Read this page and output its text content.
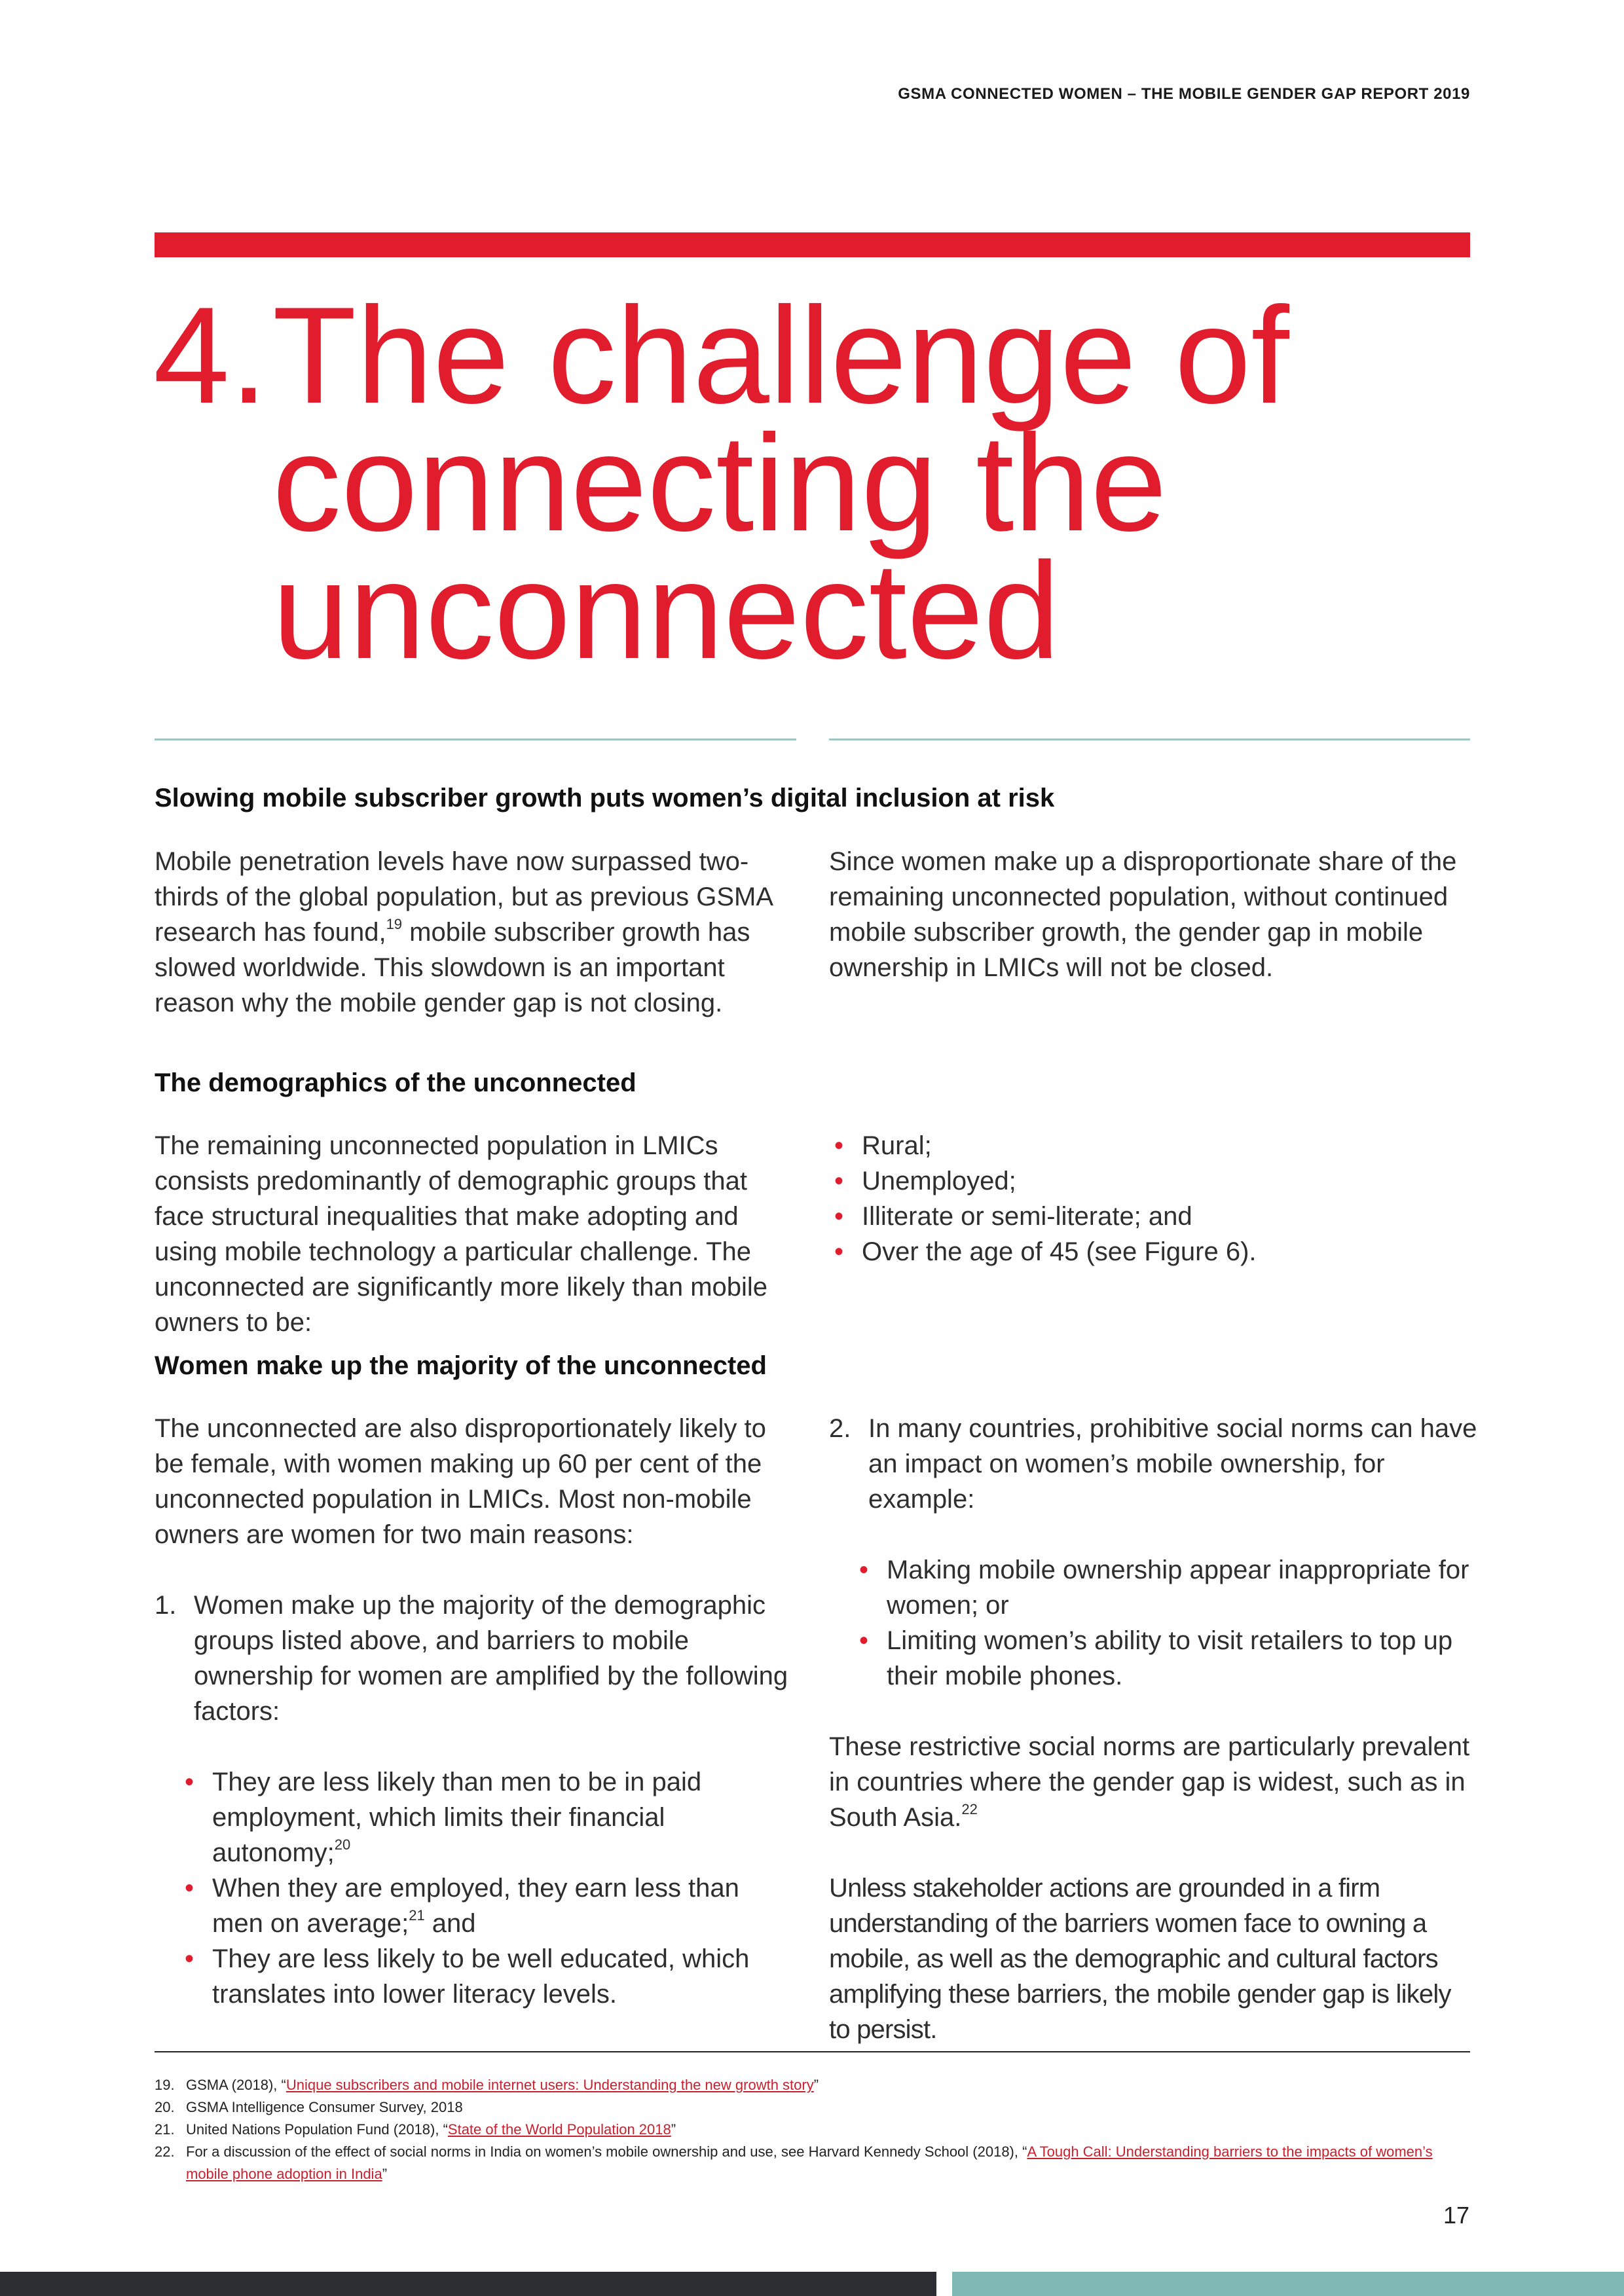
GSMA CONNECTED WOMEN – THE MOBILE GENDER GAP REPORT 2019
4. The challenge of
connecting the
unconnected
Slowing mobile subscriber growth puts women’s digital inclusion at risk

Mobile penetration levels have now surpassed two-thirds of the global population, but as previous GSMA research has found,$^{19}$ mobile subscriber growth has slowed worldwide. This slowdown is an important reason why the mobile gender gap is not closing.

Since women make up a disproportionate share of the remaining unconnected population, without continued mobile subscriber growth, the gender gap in mobile ownership in LMICs will not be closed.

The demographics of the unconnected

The remaining unconnected population in LMICs consists predominantly of demographic groups that face structural inequalities that make adopting and using mobile technology a particular challenge. The unconnected are significantly more likely than mobile owners to be:

• Rural;
• Unemployed;
• Illiterate or semi-literate; and
• Over the age of 45 (see Figure 6).
Women make up the majority of the unconnected

The unconnected are also disproportionately likely to be female, with women making up 60 per cent of the unconnected population in LMICs. Most non-mobile owners are women for two main reasons:

1. Women make up the majority of the demographic groups listed above, and barriers to mobile ownership for women are amplified by the following factors:
• They are less likely than men to be in paid employment, which limits their financial autonomy;$^{20}$
• When they are employed, they earn less than men on average;$^{21}$ and
• They are less likely to be well educated, which translates into lower literacy levels.
2. In many countries, prohibitive social norms can have an impact on women’s mobile ownership, for example:
• Making mobile ownership appear inappropriate for women; or
• Limiting women’s ability to visit retailers to top up their mobile phones.

These restrictive social norms are particularly prevalent in countries where the gender gap is widest, such as in South Asia.$^{22}$

Unless stakeholder actions are grounded in a firm understanding of the barriers women face to owning a mobile, as well as the demographic and cultural factors amplifying these barriers, the mobile gender gap is likely to persist.

19. GSMA (2018), “Unique subscribers and mobile internet users: Understanding the new growth story”
20. GSMA Intelligence Consumer Survey, 2018
21. United Nations Population Fund (2018), “State of the World Population 2018”
22. For a discussion of the effect of social norms in India on women’s mobile ownership and use, see Harvard Kennedy School (2018), “A Tough Call: Understanding barriers to the impacts of women’s mobile phone adoption in India”
17
